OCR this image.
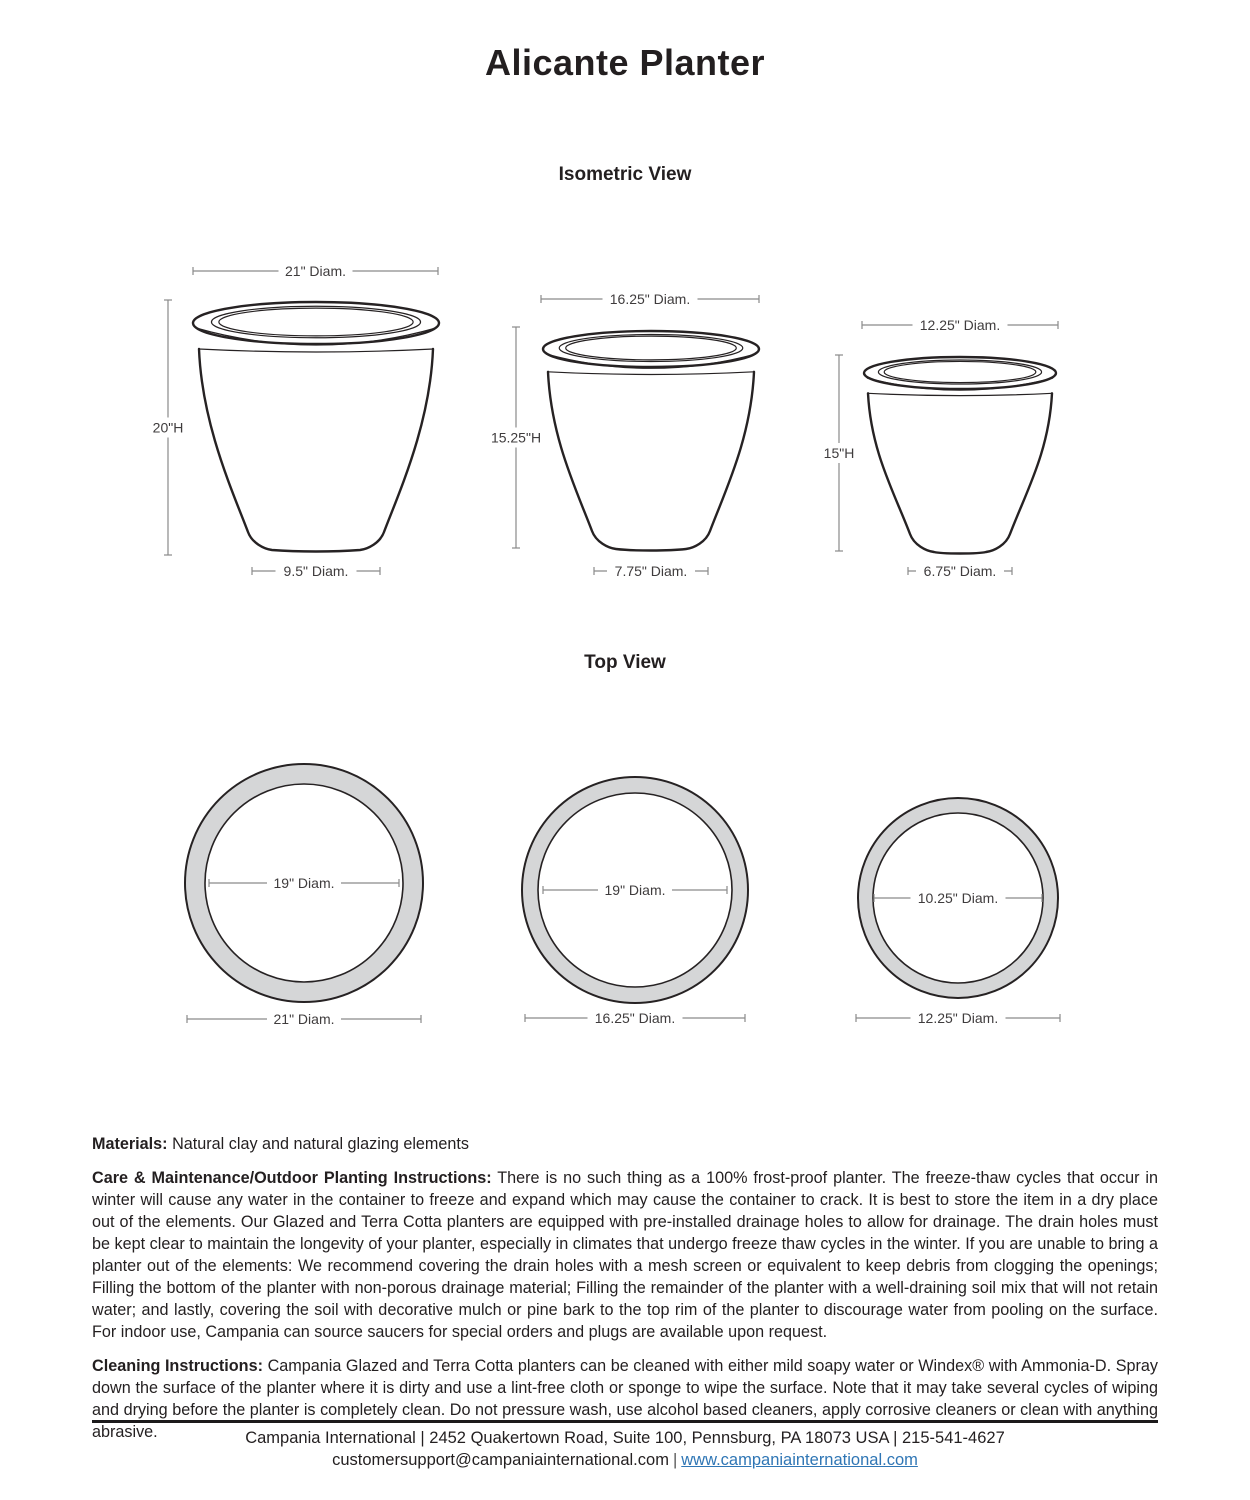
Alicante Planter
Isometric View
Top View
21" Diam.
20"H
9.5" Diam.
16.25" Diam.
15.25"H
7.75" Diam.
12.25" Diam.
15"H
6.75" Diam.
19" Diam.
21" Diam.
19" Diam.
16.25" Diam.
10.25" Diam.
12.25" Diam.

Materials: Natural clay and natural glazing elements

Care & Maintenance/Outdoor Planting Instructions: There is no such thing as a 100% frost-proof planter. The freeze-thaw cycles that occur in winter will cause any water in the container to freeze and expand which may cause the container to crack. It is best to store the item in a dry place out of the elements. Our Glazed and Terra Cotta planters are equipped with pre-installed drainage holes to allow for drainage. The drain holes must be kept clear to maintain the longevity of your planter, especially in climates that undergo freeze thaw cycles in the winter. If you are unable to bring a planter out of the elements: We recommend covering the drain holes with a mesh screen or equivalent to keep debris from clogging the openings; Filling the bottom of the planter with non-porous drainage material; Filling the remainder of the planter with a well-draining soil mix that will not retain water; and lastly, covering the soil with decorative mulch or pine bark to the top rim of the planter to discourage water from pooling on the surface. For indoor use, Campania can source saucers for special orders and plugs are available upon request.

Cleaning Instructions: Campania Glazed and Terra Cotta planters can be cleaned with either mild soapy water or Windex® with Ammonia-D. Spray down the surface of the planter where it is dirty and use a lint-free cloth or sponge to wipe the surface. Note that it may take several cycles of wiping and drying before the planter is completely clean. Do not pressure wash, use alcohol based cleaners, apply corrosive cleaners or clean with anything abrasive.	Campania International | 2452 Quakertown Road, Suite 100, Pennsburg, PA 18073 USA | 215-541-4627
customersupport@campaniainternational.com | www.campaniainternational.com
